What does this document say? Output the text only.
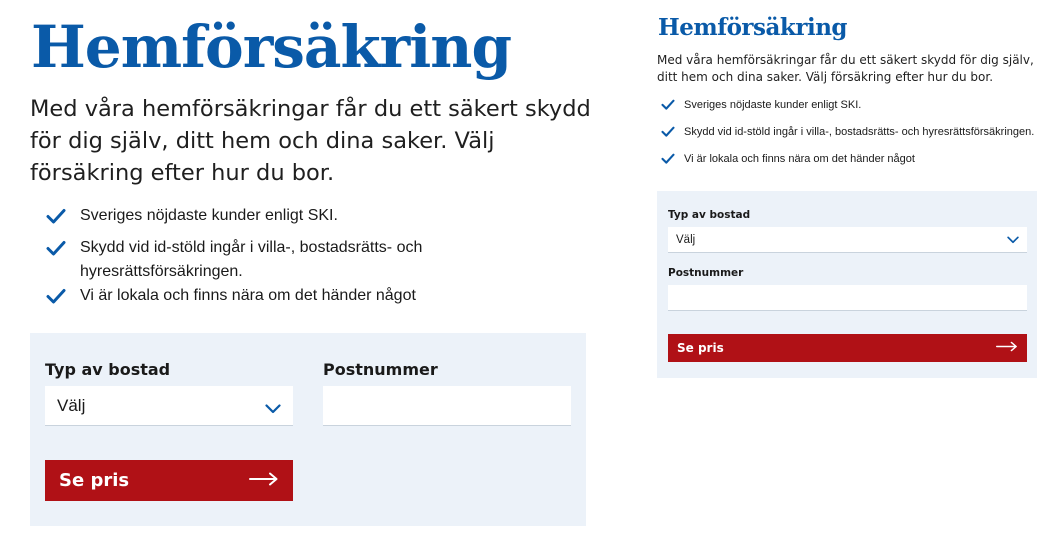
Hemförsäkring

Med våra hemförsäkringar får du ett säkert skydd för dig själv, ditt hem och dina saker. Välj försäkring efter hur du bor.

Sveriges nöjdaste kunder enligt SKI.
Skydd vid id-stöld ingår i villa-, bostadsrätts- och hyresrättsförsäkringen.
Vi är lokala och finns nära om det händer något
Typ av bostad	Postnummer
Välj
Se pris
Hemförsäkring

Med våra hemförsäkringar får du ett säkert skydd för dig själv, ditt hem och dina saker. Välj försäkring efter hur du bor.

Sveriges nöjdaste kunder enligt SKI.
Skydd vid id-stöld ingår i villa-, bostadsrätts- och hyresrättsförsäkringen.
Vi är lokala och finns nära om det händer något
Typ av bostad
Välj
Postnummer
Se pris
